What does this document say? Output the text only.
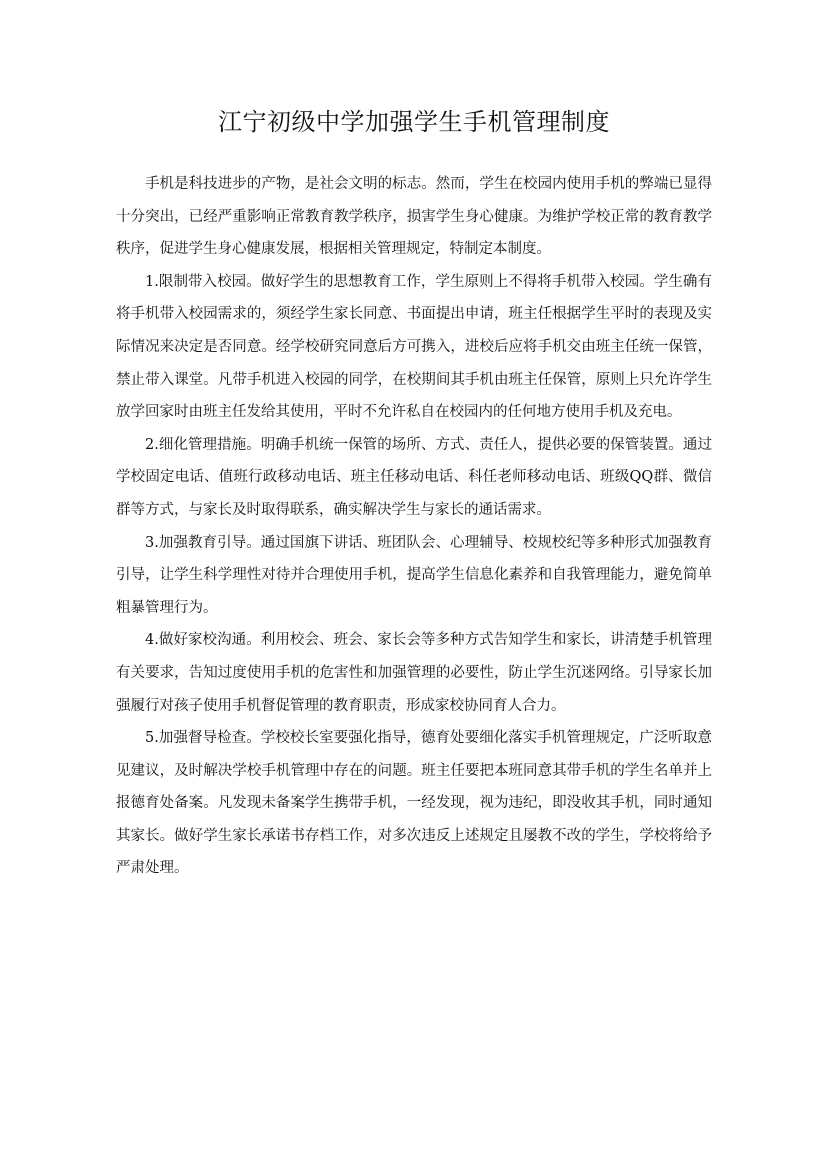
江宁初级中学加强学生手机管理制度

手机是科技进步的产物，是社会文明的标志。然而，学生在校园内使用手机的弊端已显得十分突出，已经严重影响正常教育教学秩序，损害学生身心健康。为维护学校正常的教育教学秩序，促进学生身心健康发展，根据相关管理规定，特制定本制度。

1.限制带入校园。做好学生的思想教育工作，学生原则上不得将手机带入校园。学生确有将手机带入校园需求的，须经学生家长同意、书面提出申请，班主任根据学生平时的表现及实际情况来决定是否同意。经学校研究同意后方可携入，进校后应将手机交由班主任统一保管，禁止带入课堂。凡带手机进入校园的同学，在校期间其手机由班主任保管，原则上只允许学生放学回家时由班主任发给其使用，平时不允许私自在校园内的任何地方使用手机及充电。

2.细化管理措施。明确手机统一保管的场所、方式、责任人，提供必要的保管装置。通过学校固定电话、值班行政移动电话、班主任移动电话、科任老师移动电话、班级QQ群、微信群等方式，与家长及时取得联系，确实解决学生与家长的通话需求。

3.加强教育引导。通过国旗下讲话、班团队会、心理辅导、校规校纪等多种形式加强教育引导，让学生科学理性对待并合理使用手机，提高学生信息化素养和自我管理能力，避免简单粗暴管理行为。

4.做好家校沟通。利用校会、班会、家长会等多种方式告知学生和家长，讲清楚手机管理有关要求，告知过度使用手机的危害性和加强管理的必要性，防止学生沉迷网络。引导家长加强履行对孩子使用手机督促管理的教育职责，形成家校协同育人合力。

5.加强督导检查。学校校长室要强化指导，德育处要细化落实手机管理规定，广泛听取意见建议，及时解决学校手机管理中存在的问题。班主任要把本班同意其带手机的学生名单并上报德育处备案。凡发现未备案学生携带手机，一经发现，视为违纪，即没收其手机，同时通知其家长。做好学生家长承诺书存档工作，对多次违反上述规定且屡教不改的学生，学校将给予严肃处理。
